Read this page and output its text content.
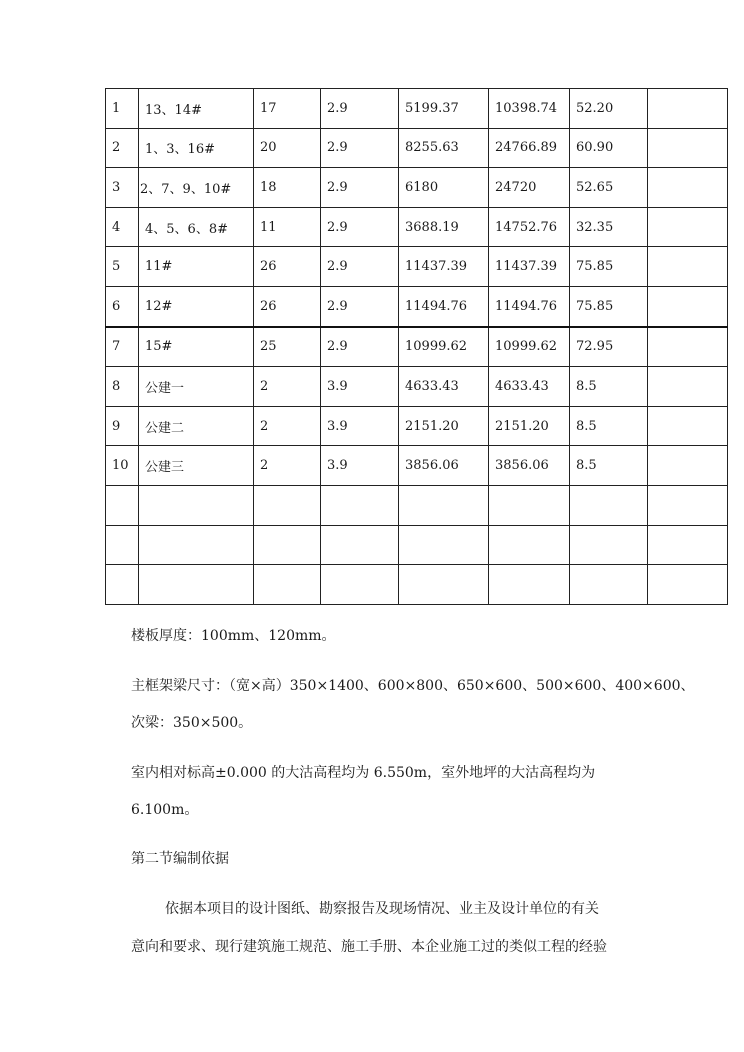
1	13、14#	17	2.9	5199.37	10398.74	52.20	
2	1、3、16#	20	2.9	8255.63	24766.89	60.90	
3	2、7、9、10#	18	2.9	6180	24720	52.65	
4	4、5、6、8#	11	2.9	3688.19	14752.76	32.35	
5	11#	26	2.9	11437.39	11437.39	75.85	
6	12#	26	2.9	11494.76	11494.76	75.85	
7	15#	25	2.9	10999.62	10999.62	72.95	
8	公建一	2	3.9	4633.43	4633.43	8.5	
9	公建二	2	3.9	2151.20	2151.20	8.5	
10	公建三	2	3.9	3856.06	3856.06	8.5	

楼板厚度：100mm、120mm。
主框架梁尺寸：（宽×高）350×1400、600×800、650×600、500×600、400×600、
次梁：350×500。
室内相对标高±0.000 的大沽高程均为 6.550m，室外地坪的大沽高程均为
6.100m。
第二节编制依据
依据本项目的设计图纸、勘察报告及现场情况、业主及设计单位的有关
意向和要求、现行建筑施工规范、施工手册、本企业施工过的类似工程的经验
